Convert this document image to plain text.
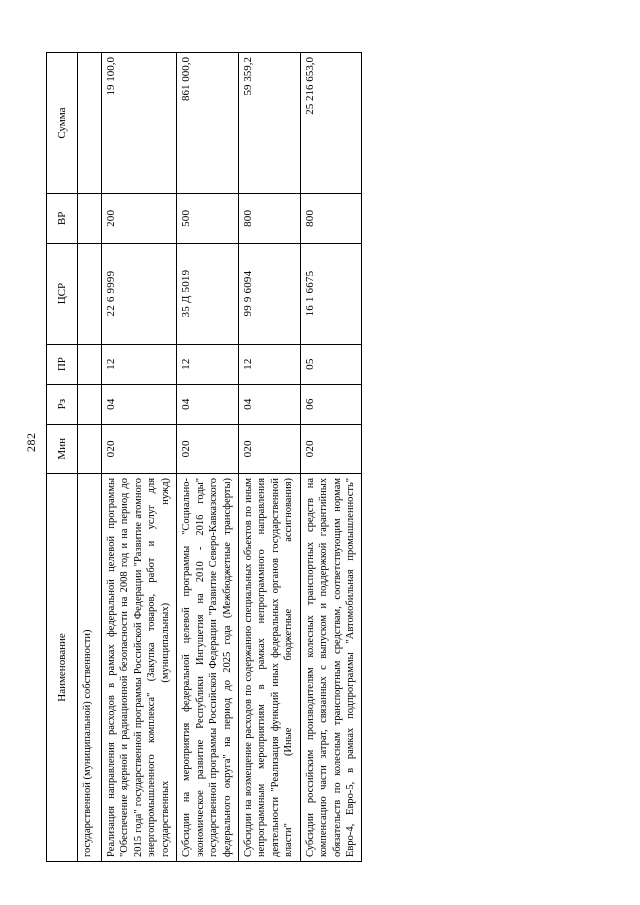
282
Наименование	Мин	Рз	ПР	ЦСР	ВР	Сумма
государственной (муниципальной) собственности)						
Реализация направления расходов в рамках федеральной целевой программы "Обеспечение ядерной и радиационной безопасности на 2008 год и на период до 2015 года" государственной программы Российской Федерации "Развитие атомного энергопромышленного комплекса" (Закупка товаров, работ и услуг для государственных (муниципальных) нужд)	020	04	12	22 6 9999	200	19 100,0
Субсидии на мероприятия федеральной целевой программы "Социально-экономическое развитие Республики Ингушетия на 2010 - 2016 годы" государственной программы Российской Федерации "Развитие Северо-Кавказского федерального округа" на период до 2025 года (Межбюджетные трансферты)	020	04	12	35 Д 5019	500	861 000,0
Субсидии на возмещение расходов по содержанию специальных объектов по иным непрограммным мероприятиям в рамках непрограммного направления деятельности "Реализация функций иных федеральных органов государственной власти" (Иные бюджетные ассигнования)	020	04	12	99 9 6094	800	59 359,2
Субсидии российским производителям колесных транспортных средств на компенсацию части затрат, связанных с выпуском и поддержкой гарантийных обязательств по колесным транспортным средствам, соответствующим нормам Евро-4, Евро-5, в рамках подпрограммы "Автомобильная промышленность"	020	06	05	16 1 6675	800	25 216 653,0
